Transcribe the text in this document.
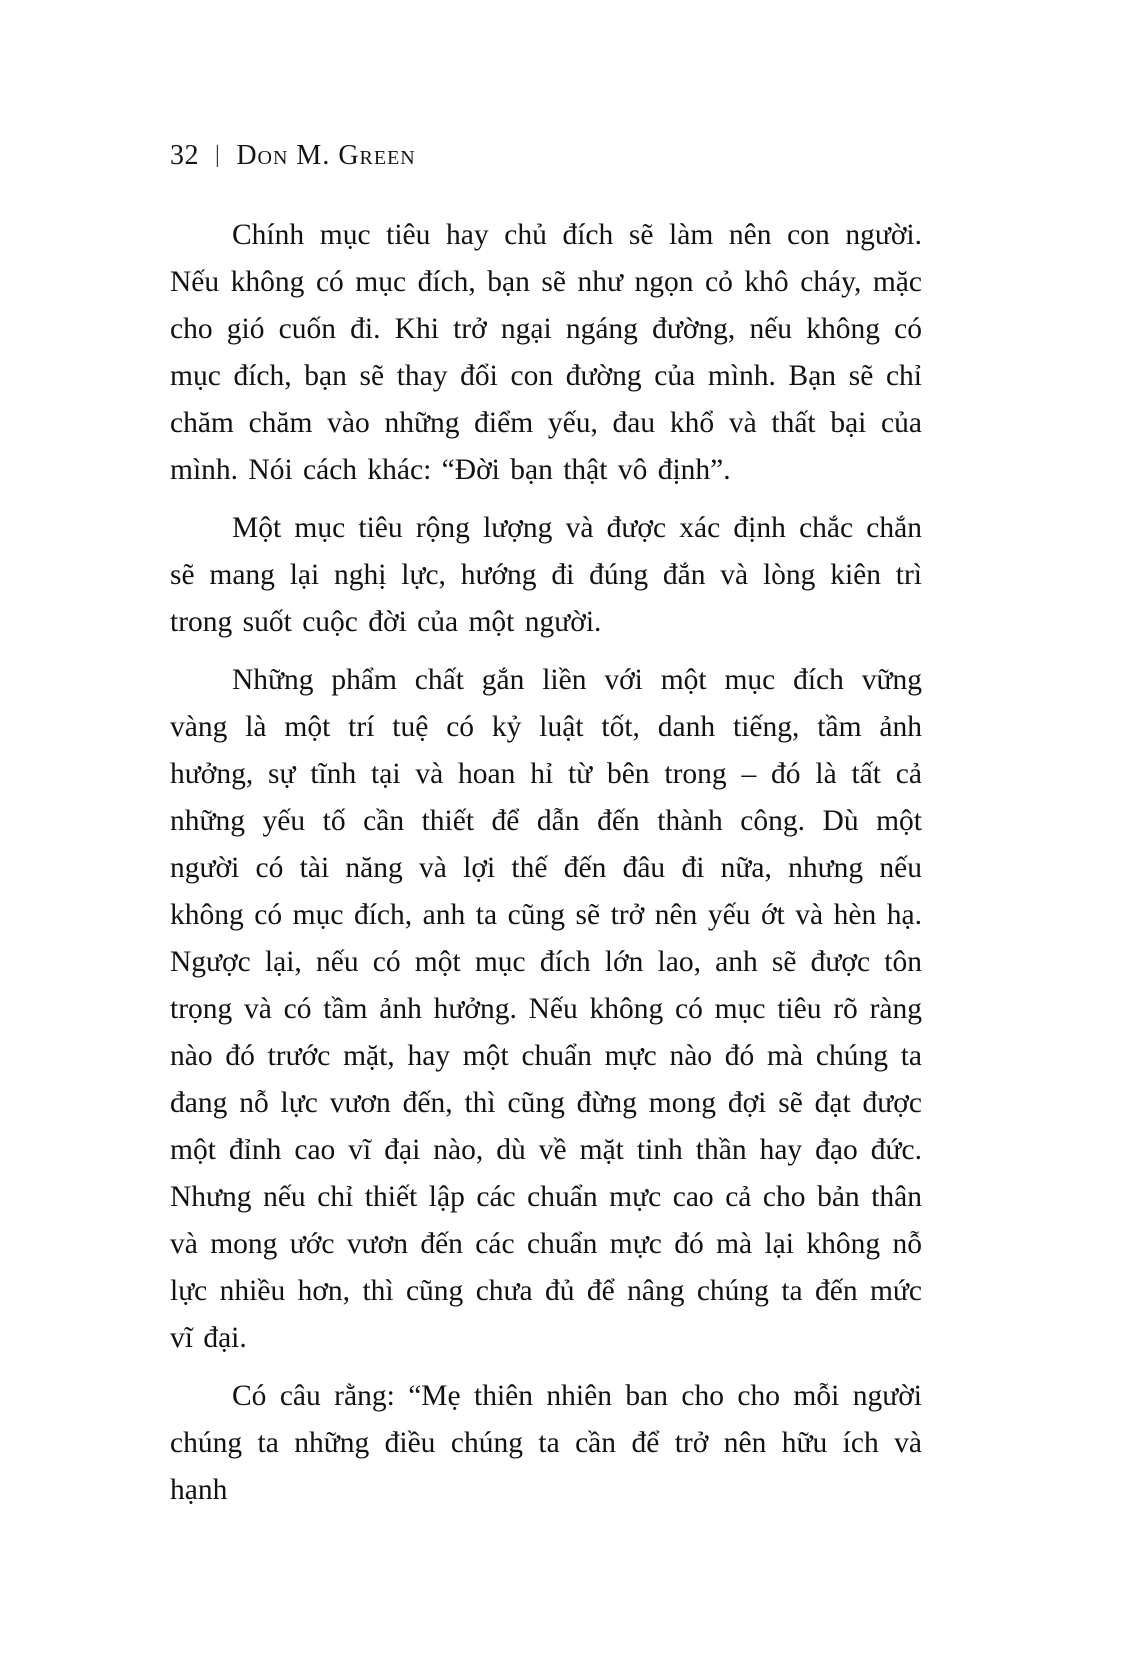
32 | Don M. Green

Chính mục tiêu hay chủ đích sẽ làm nên con người. Nếu không có mục đích, bạn sẽ như ngọn cỏ khô cháy, mặc cho gió cuốn đi. Khi trở ngại ngáng đường, nếu không có mục đích, bạn sẽ thay đổi con đường của mình. Bạn sẽ chỉ chăm chăm vào những điểm yếu, đau khổ và thất bại của mình. Nói cách khác: “Đời bạn thật vô định”.

Một mục tiêu rộng lượng và được xác định chắc chắn sẽ mang lại nghị lực, hướng đi đúng đắn và lòng kiên trì trong suốt cuộc đời của một người.

Những phẩm chất gắn liền với một mục đích vững vàng là một trí tuệ có kỷ luật tốt, danh tiếng, tầm ảnh hưởng, sự tĩnh tại và hoan hỉ từ bên trong – đó là tất cả những yếu tố cần thiết để dẫn đến thành công. Dù một người có tài năng và lợi thế đến đâu đi nữa, nhưng nếu không có mục đích, anh ta cũng sẽ trở nên yếu ớt và hèn hạ. Ngược lại, nếu có một mục đích lớn lao, anh sẽ được tôn trọng và có tầm ảnh hưởng. Nếu không có mục tiêu rõ ràng nào đó trước mặt, hay một chuẩn mực nào đó mà chúng ta đang nỗ lực vươn đến, thì cũng đừng mong đợi sẽ đạt được một đỉnh cao vĩ đại nào, dù về mặt tinh thần hay đạo đức. Nhưng nếu chỉ thiết lập các chuẩn mực cao cả cho bản thân và mong ước vươn đến các chuẩn mực đó mà lại không nỗ lực nhiều hơn, thì cũng chưa đủ để nâng chúng ta đến mức vĩ đại.

Có câu rằng: “Mẹ thiên nhiên ban cho cho mỗi người chúng ta những điều chúng ta cần để trở nên hữu ích và hạnh
